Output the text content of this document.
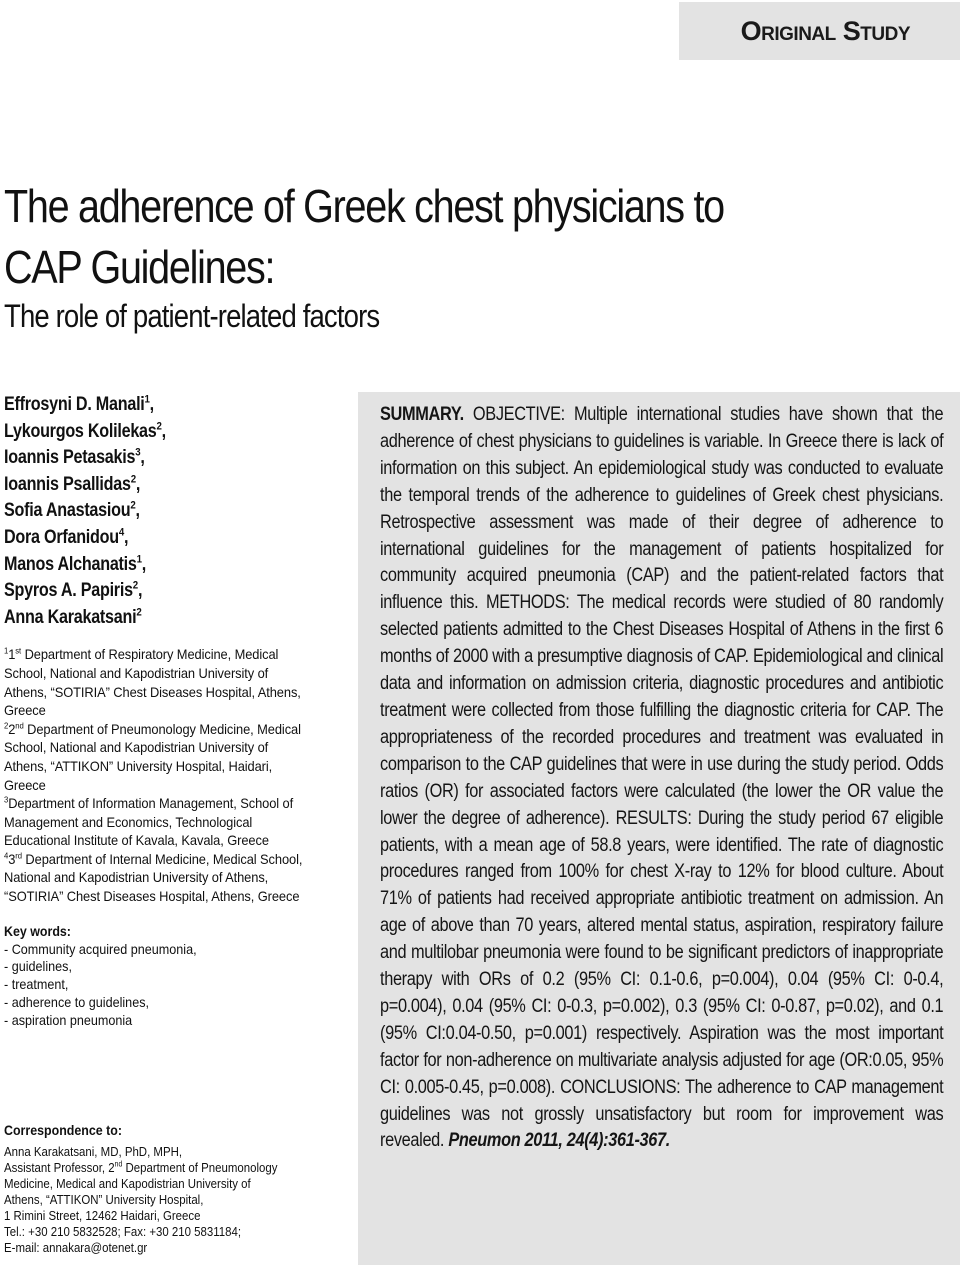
Original Study
The adherence of Greek chest physicians to CAP Guidelines:
The role of patient-related factors
Effrosyni D. Manali$^1$,
Lykourgos Kolilekas$^2$,
Ioannis Petasakis$^3$,
Ioannis Psallidas$^2$,
Sofia Anastasiou$^2$,
Dora Orfanidou$^4$,
Manos Alchanatis$^1$,
Spyros A. Papiris$^2$,
Anna Karakatsani$^2$
$^1$1st Department of Respiratory Medicine, Medical School, National and Kapodistrian University of Athens, “SOTIRIA” Chest Diseases Hospital, Athens, Greece
$^2$2nd Department of Pneumonology Medicine, Medical School, National and Kapodistrian University of Athens, “ATTIKON” University Hospital, Haidari, Greece
$^3$Department of Information Management, School of Management and Economics, Technological Educational Institute of Kavala, Kavala, Greece
$^4$3rd Department of Internal Medicine, Medical School, National and Kapodistrian University of Athens, “SOTIRIA” Chest Diseases Hospital, Athens, Greece
Key words:
- Community acquired pneumonia,
- guidelines,
- treatment,
- adherence to guidelines,
- aspiration pneumonia
Correspondence to:
Anna Karakatsani, MD, PhD, MPH,
Assistant Professor, 2nd Department of Pneumonology
Medicine, Medical and Kapodistrian University of
Athens, “ATTIKON” University Hospital,
1 Rimini Street, 12462 Haidari, Greece
Tel.: +30 210 5832528; Fax: +30 210 5831184;
E-mail: annakara@otenet.gr

SUMMARY. OBJECTIVE: Multiple international studies have shown that the adherence of chest physicians to guidelines is variable. In Greece there is lack of information on this subject. An epidemiological study was conducted to evaluate the temporal trends of the adherence to guidelines of Greek chest physicians. Retrospective assessment was made of their degree of adherence to international guidelines for the management of patients hospitalized for community acquired pneumonia (CAP) and the patient-related factors that influence this. METHODS: The medical records were studied of 80 randomly selected patients admitted to the Chest Diseases Hospital of Athens in the first 6 months of 2000 with a presumptive diagnosis of CAP. Epidemiological and clinical data and information on admission criteria, diagnostic procedures and antibiotic treatment were collected from those fulfilling the diagnostic criteria for CAP. The appropriateness of the recorded procedures and treatment was evaluated in comparison to the CAP guidelines that were in use during the study period. Odds ratios (OR) for associated factors were calculated (the lower the OR value the lower the degree of adherence). RESULTS: During the study period 67 eligible patients, with a mean age of 58.8 years, were identified. The rate of diagnostic procedures ranged from 100% for chest X-ray to 12% for blood culture. About 71% of patients had received appropriate antibiotic treatment on admission. An age of above than 70 years, altered mental status, aspiration, respiratory failure and multilobar pneumonia were found to be significant predictors of inappropriate therapy with ORs of 0.2 (95% CI: 0.1-0.6, p=0.004), 0.04 (95% CI: 0-0.4, p=0.004), 0.04 (95% CI: 0-0.3, p=0.002), 0.3 (95% CI: 0-0.87, p=0.02), and 0.1 (95% CI:0.04-0.50, p=0.001) respectively. Aspiration was the most important factor for non-adherence on multivariate analysis adjusted for age (OR:0.05, 95% CI: 0.005-0.45, p=0.008). CONCLUSIONS: The adherence to CAP management guidelines was not grossly unsatisfactory but room for improvement was revealed. Pneumon 2011, 24(4):361-367.
